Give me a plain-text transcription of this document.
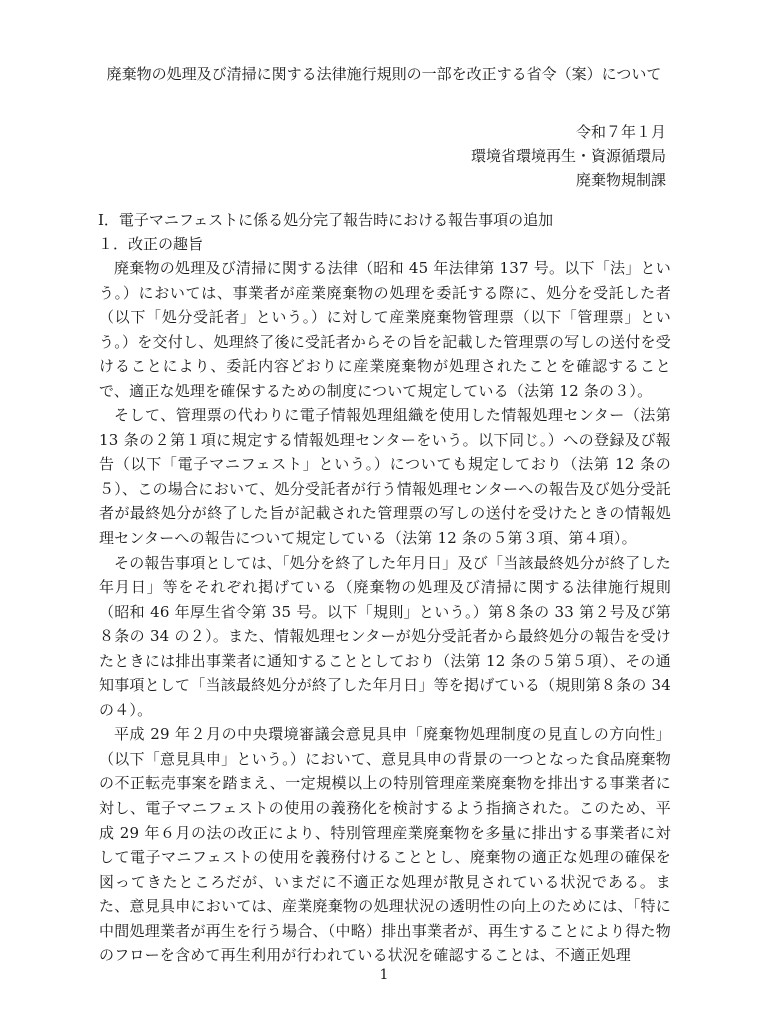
廃棄物の処理及び清掃に関する法律施行規則の一部を改正する省令（案）について
令和７年１月
環境省環境再生・資源循環局
廃棄物規制課
Ⅰ．電子マニフェストに係る処分完了報告時における報告事項の追加
１．改正の趣旨

廃棄物の処理及び清掃に関する法律（昭和 45 年法律第 137 号。以下「法」という。）においては、事業者が産業廃棄物の処理を委託する際に、処分を受託した者（以下「処分受託者」という。）に対して産業廃棄物管理票（以下「管理票」という。）を交付し、処理終了後に受託者からその旨を記載した管理票の写しの送付を受けることにより、委託内容どおりに産業廃棄物が処理されたことを確認することで、適正な処理を確保するための制度について規定している（法第 12 条の３）。

そして、管理票の代わりに電子情報処理組織を使用した情報処理センター（法第 13 条の２第１項に規定する情報処理センターをいう。以下同じ。）への登録及び報告（以下「電子マニフェスト」という。）についても規定しており（法第 12 条の５）、この場合において、処分受託者が行う情報処理センターへの報告及び処分受託者が最終処分が終了した旨が記載された管理票の写しの送付を受けたときの情報処理センターへの報告について規定している（法第 12 条の５第３項、第４項）。

その報告事項としては、「処分を終了した年月日」及び「当該最終処分が終了した年月日」等をそれぞれ掲げている（廃棄物の処理及び清掃に関する法律施行規則（昭和 46 年厚生省令第 35 号。以下「規則」という。）第８条の 33 第２号及び第８条の 34 の２）。また、情報処理センターが処分受託者から最終処分の報告を受けたときには排出事業者に通知することとしており（法第 12 条の５第５項）、その通知事項として「当該最終処分が終了した年月日」等を掲げている（規則第８条の 34 の４）。

平成 29 年２月の中央環境審議会意見具申「廃棄物処理制度の見直しの方向性」（以下「意見具申」という。）において、意見具申の背景の一つとなった食品廃棄物の不正転売事案を踏まえ、一定規模以上の特別管理産業廃棄物を排出する事業者に対し、電子マニフェストの使用の義務化を検討するよう指摘された。このため、平成 29 年６月の法の改正により、特別管理産業廃棄物を多量に排出する事業者に対して電子マニフェストの使用を義務付けることとし、廃棄物の適正な処理の確保を図ってきたところだが、いまだに不適正な処理が散見されている状況である。また、意見具申においては、産業廃棄物の処理状況の透明性の向上のためには、「特に中間処理業者が再生を行う場合、（中略）排出事業者が、再生することにより得た物のフローを含めて再生利用が行われている状況を確認することは、不適正処理

1
